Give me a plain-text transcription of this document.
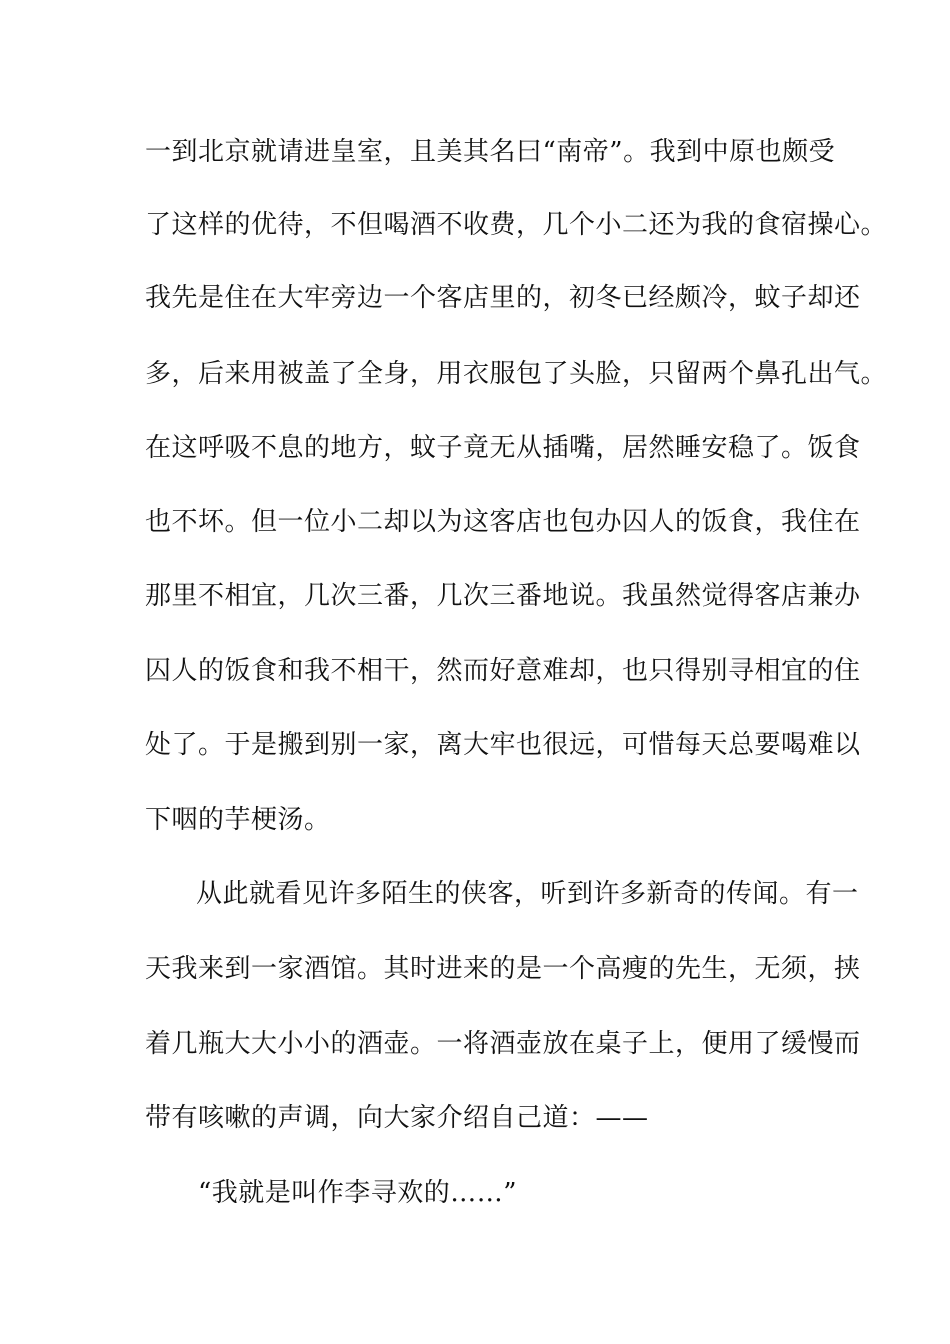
一到北京就请进皇室，且美其名曰“南帝”。我到中原也颇受
了这样的优待，不但喝酒不收费，几个小二还为我的食宿操心。
我先是住在大牢旁边一个客店里的，初冬已经颇冷，蚊子却还
多，后来用被盖了全身，用衣服包了头脸，只留两个鼻孔出气。
在这呼吸不息的地方，蚊子竟无从插嘴，居然睡安稳了。饭食
也不坏。但一位小二却以为这客店也包办囚人的饭食，我住在
那里不相宜，几次三番，几次三番地说。我虽然觉得客店兼办
囚人的饭食和我不相干，然而好意难却，也只得别寻相宜的住
处了。于是搬到别一家，离大牢也很远，可惜每天总要喝难以
下咽的芋梗汤。
从此就看见许多陌生的侠客，听到许多新奇的传闻。有一
天我来到一家酒馆。其时进来的是一个高瘦的先生，无须，挟
着几瓶大大小小的酒壶。一将酒壶放在桌子上，便用了缓慢而
带有咳嗽的声调，向大家介绍自己道：——
“我就是叫作李寻欢的……”
